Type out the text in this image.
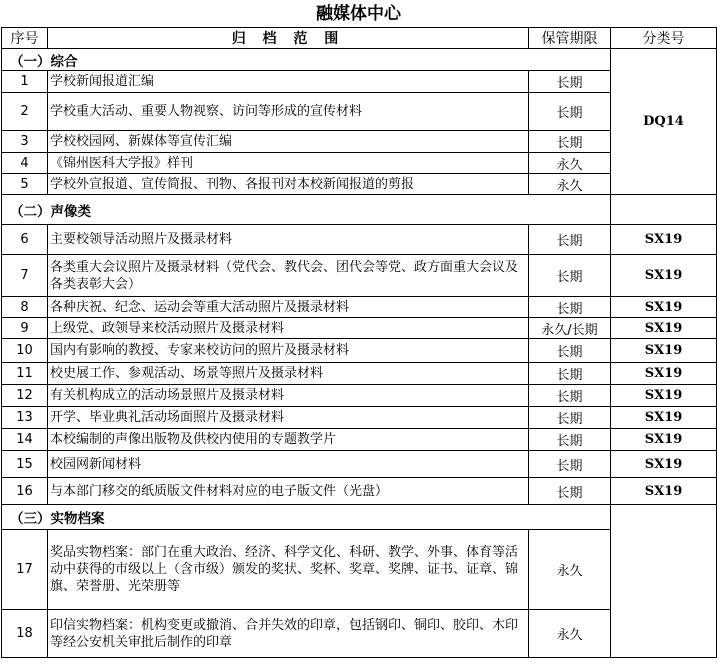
融媒体中心
序号	归 档 范 围	保管期限	分类号
（一）综合			DQ14
1	学校新闻报道汇编	长期	
2	学校重大活动、重要人物视察、访问等形成的宣传材料	长期	
3	学校校园网、新媒体等宣传汇编	长期	
4	《锦州医科大学报》样刊	永久	
5	学校外宣报道、宣传简报、刊物、各报刊对本校新闻报道的剪报	永久	
（二）声像类			
6	主要校领导活动照片及摄录材料	长期	SX19
7	各类重大会议照片及摄录材料（党代会、教代会、团代会等党、政方面重大会议及各类表彰大会）	长期	SX19
8	各种庆祝、纪念、运动会等重大活动照片及摄录材料	长期	SX19
9	上级党、政领导来校活动照片及摄录材料	永久/长期	SX19
10	国内有影响的教授、专家来校访问的照片及摄录材料	长期	SX19
11	校史展工作、参观活动、场景等照片及摄录材料	长期	SX19
12	有关机构成立的活动场景照片及摄录材料	长期	SX19
13	开学、毕业典礼活动场面照片及摄录材料	长期	SX19
14	本校编制的声像出版物及供校内使用的专题教学片	长期	SX19
15	校园网新闻材料	长期	SX19
16	与本部门移交的纸质版文件材料对应的电子版文件（光盘）	长期	SX19
（三）实物档案			
17	奖品实物档案：部门在重大政治、经济、科学文化、科研、教学、外事、体育等活动中获得的市级以上（含市级）颁发的奖状、奖杯、奖章、奖牌、证书、证章、锦旗、荣誉册、光荣册等	永久	
18	印信实物档案：机构变更或撤消、合并失效的印章，包括钢印、铜印、胶印、木印等经公安机关审批后制作的印章	永久	
